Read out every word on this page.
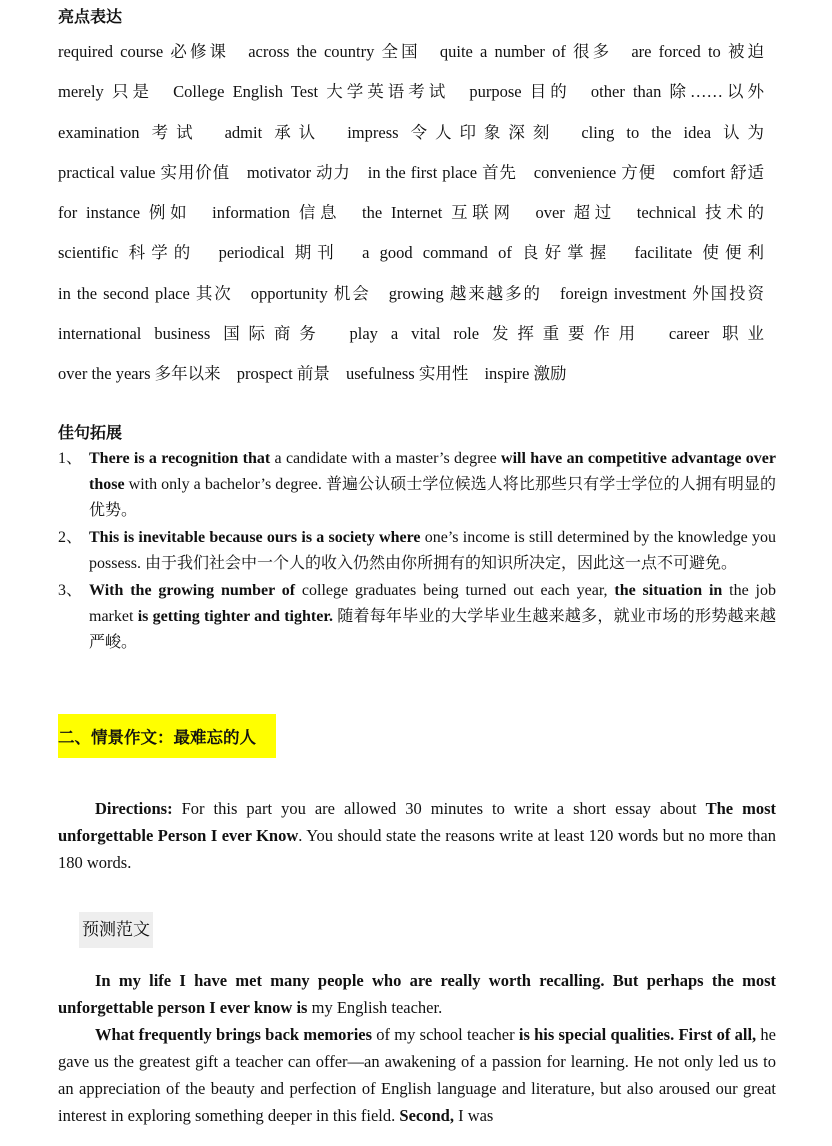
亮点表达
required course 必修课 across the country 全国 quite a number of 很多 are forced to 被迫 merely 只是 College English Test 大学英语考试 purpose 目的 other than 除……以外 examination 考试 admit 承认 impress 令人印象深刻 cling to the idea 认为 practical value 实用价值 motivator 动力 in the first place 首先 convenience 方便 comfort 舒适 for instance 例如 information 信息 the Internet 互联网 over 超过 technical 技术的 scientific 科学的 periodical 期刊 a good command of 良好掌握 facilitate 使便利 in the second place 其次 opportunity 机会 growing 越来越多的 foreign investment 外国投资 international business 国际商务 play a vital role 发挥重要作用 career 职业 over the years 多年以来 prospect 前景 usefulness 实用性 inspire 激励
佳句拓展
1、 There is a recognition that a candidate with a master’s degree will have an competitive advantage over those with only a bachelor’s degree. 普遍公认硕士学位候选人将比那些只有学士学位的人拥有明显的优势。
2、 This is inevitable because ours is a society where one’s income is still determined by the knowledge you possess. 由于我们社会中一个人的收入仍然由你所拥有的知识所决定，因此这一点不可避免。
3、 With the growing number of college graduates being turned out each year, the situation in the job market is getting tighter and tighter. 随着每年毕业的大学毕业生越来越多，就业市场的形势越来越严峻。
二、情景作文：最难忘的人
Directions: For this part you are allowed 30 minutes to write a short essay about The most unforgettable Person I ever Know. You should state the reasons write at least 120 words but no more than 180 words.
预测范文

In my life I have met many people who are really worth recalling. But perhaps the most unforgettable person I ever know is my English teacher.

What frequently brings back memories of my school teacher is his special qualities. First of all, he gave us the greatest gift a teacher can offer—an awakening of a passion for learning. He not only led us to an appreciation of the beauty and perfection of English language and literature, but also aroused our great interest in exploring something deeper in this field. Second, I was
